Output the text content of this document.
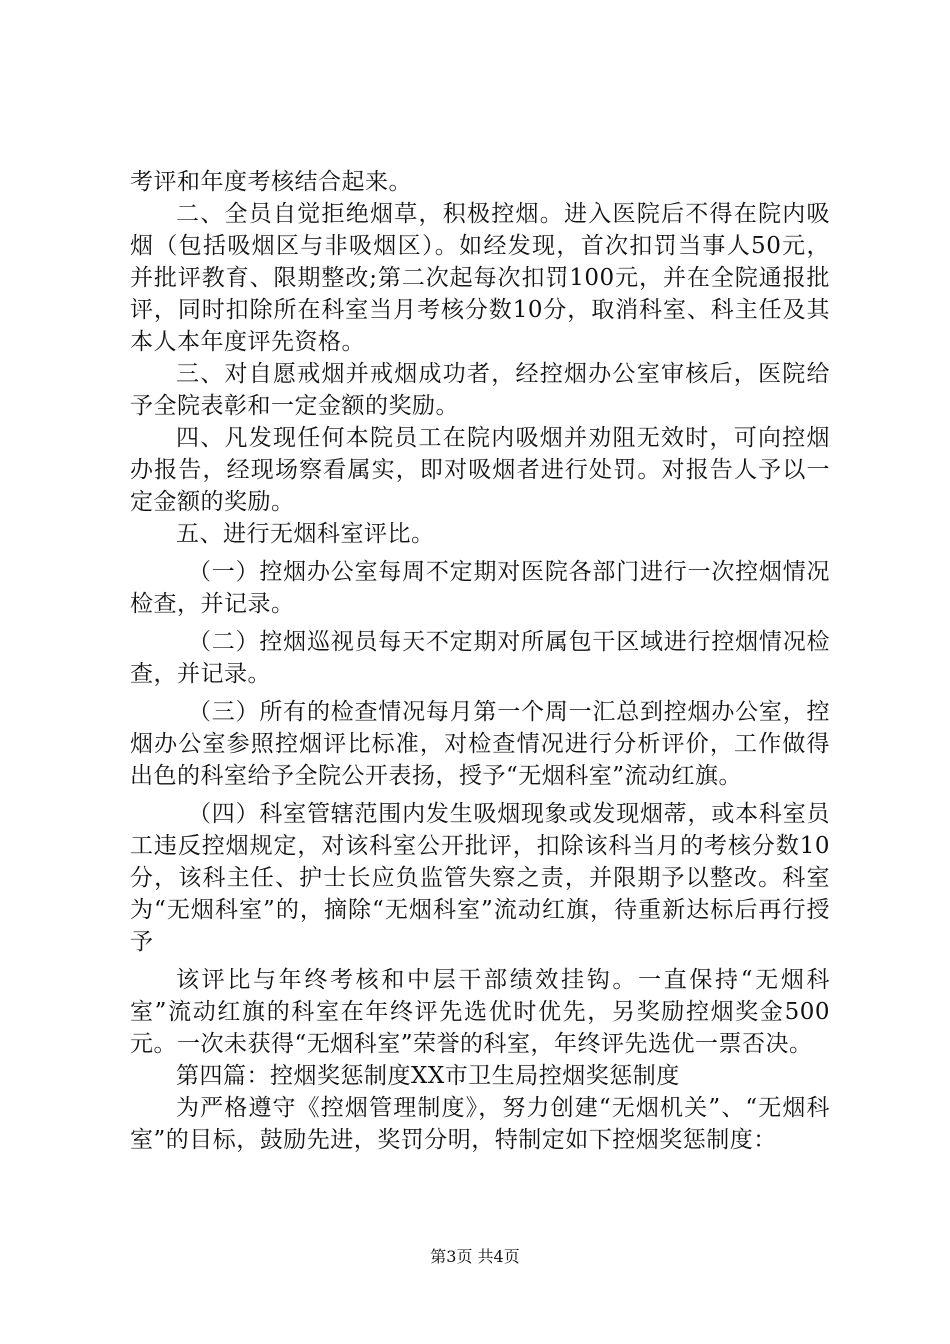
考评和年度考核结合起来。

二、全员自觉拒绝烟草，积极控烟。进入医院后不得在院内吸烟（包括吸烟区与非吸烟区）。如经发现，首次扣罚当事人50元，并批评教育、限期整改;第二次起每次扣罚100元，并在全院通报批评，同时扣除所在科室当月考核分数10分，取消科室、科主任及其本人本年度评先资格。

三、对自愿戒烟并戒烟成功者，经控烟办公室审核后，医院给予全院表彰和一定金额的奖励。

四、凡发现任何本院员工在院内吸烟并劝阻无效时，可向控烟办报告，经现场察看属实，即对吸烟者进行处罚。对报告人予以一定金额的奖励。

五、进行无烟科室评比。

（一）控烟办公室每周不定期对医院各部门进行一次控烟情况检查，并记录。

（二）控烟巡视员每天不定期对所属包干区域进行控烟情况检查，并记录。

（三）所有的检查情况每月第一个周一汇总到控烟办公室，控烟办公室参照控烟评比标准，对检查情况进行分析评价，工作做得出色的科室给予全院公开表扬，授予“无烟科室”流动红旗。

（四）科室管辖范围内发生吸烟现象或发现烟蒂，或本科室员工违反控烟规定，对该科室公开批评，扣除该科当月的考核分数10分，该科主任、护士长应负监管失察之责，并限期予以整改。科室为“无烟科室”的，摘除“无烟科室”流动红旗，待重新达标后再行授予

该评比与年终考核和中层干部绩效挂钩。一直保持“无烟科室”流动红旗的科室在年终评先选优时优先，另奖励控烟奖金500元。一次未获得“无烟科室”荣誉的科室，年终评先选优一票否决。

第四篇：控烟奖惩制度XX市卫生局控烟奖惩制度

为严格遵守《控烟管理制度》，努力创建“无烟机关”、“无烟科室”的目标，鼓励先进，奖罚分明，特制定如下控烟奖惩制度：

第3页 共4页
